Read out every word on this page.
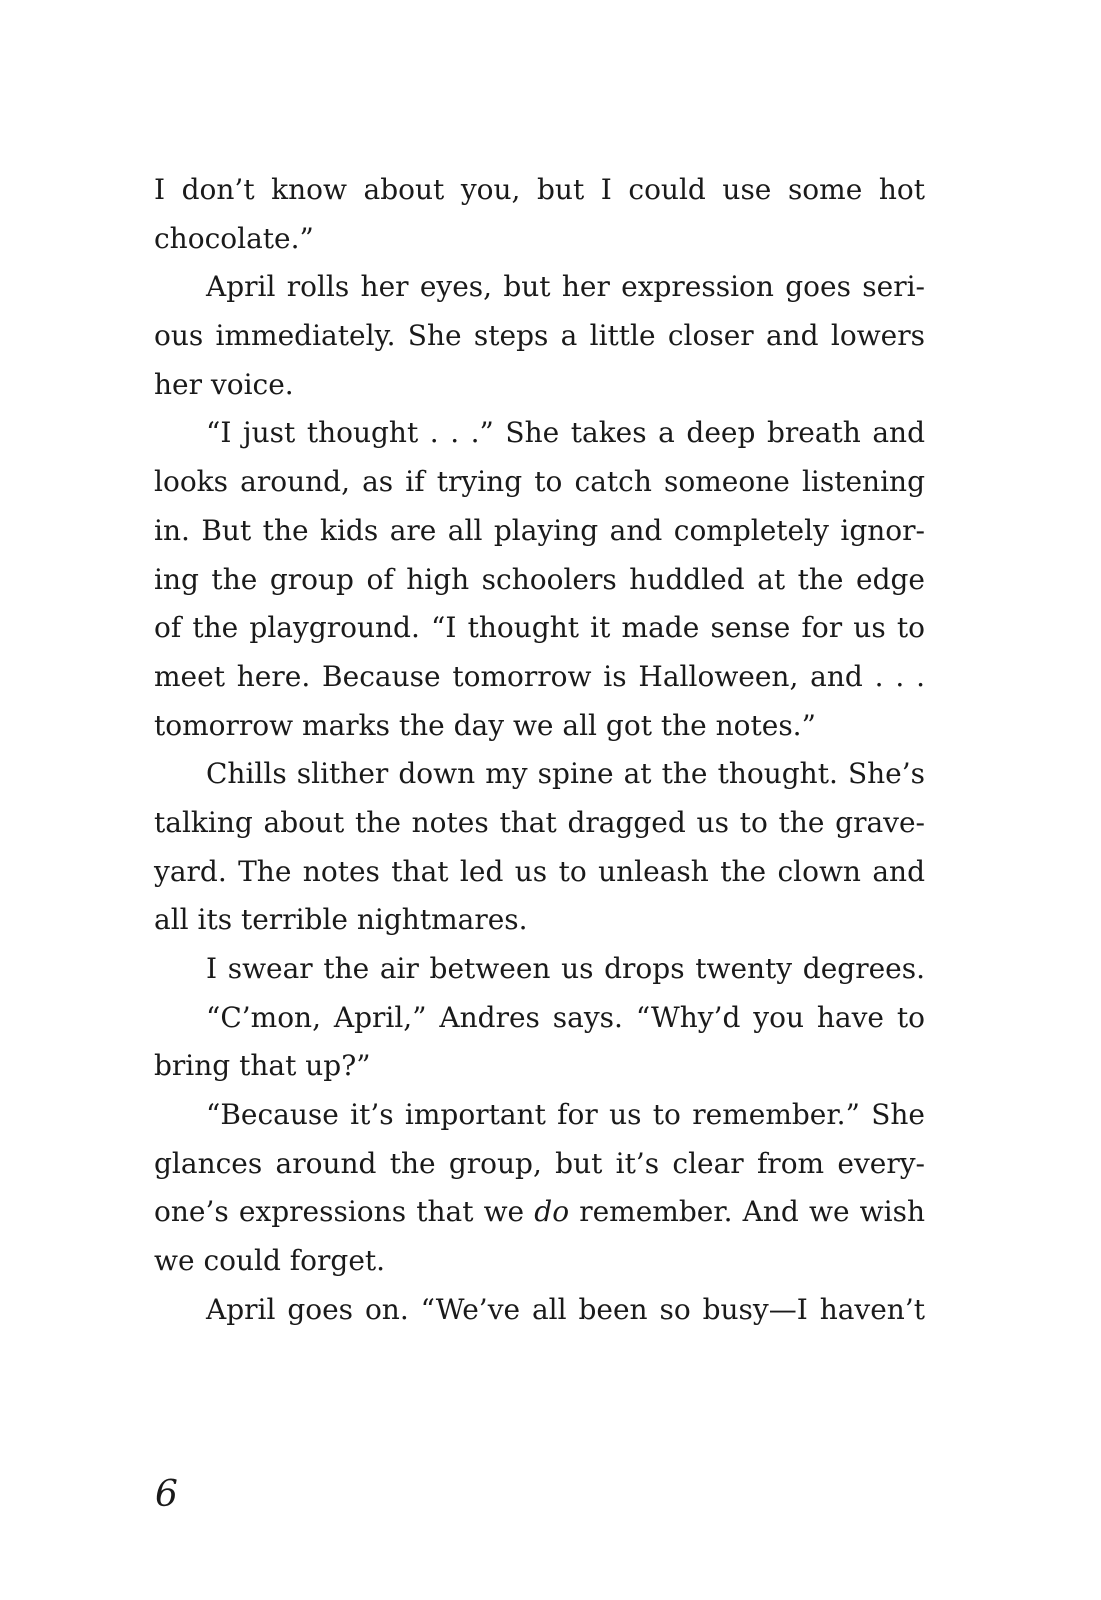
I don’t know about you, but I could use some hot
chocolate.”
April rolls her eyes, but her expression goes seri-
ous immediately. She steps a little closer and lowers
her voice.
“I just thought . . .” She takes a deep breath and
looks around, as if trying to catch someone listening
in. But the kids are all playing and completely ignor-
ing the group of high schoolers huddled at the edge
of the playground. “I thought it made sense for us to
meet here. Because tomorrow is Halloween, and . . .
tomorrow marks the day we all got the notes.”
Chills slither down my spine at the thought. She’s
talking about the notes that dragged us to the grave-
yard. The notes that led us to unleash the clown and
all its terrible nightmares.
I swear the air between us drops twenty degrees.
“C’mon, April,” Andres says. “Why’d you have to
bring that up?”
“Because it’s important for us to remember.” She
glances around the group, but it’s clear from every-
one’s expressions that we do remember. And we wish
we could forget.
April goes on. “We’ve all been so busy—I haven’t
6
